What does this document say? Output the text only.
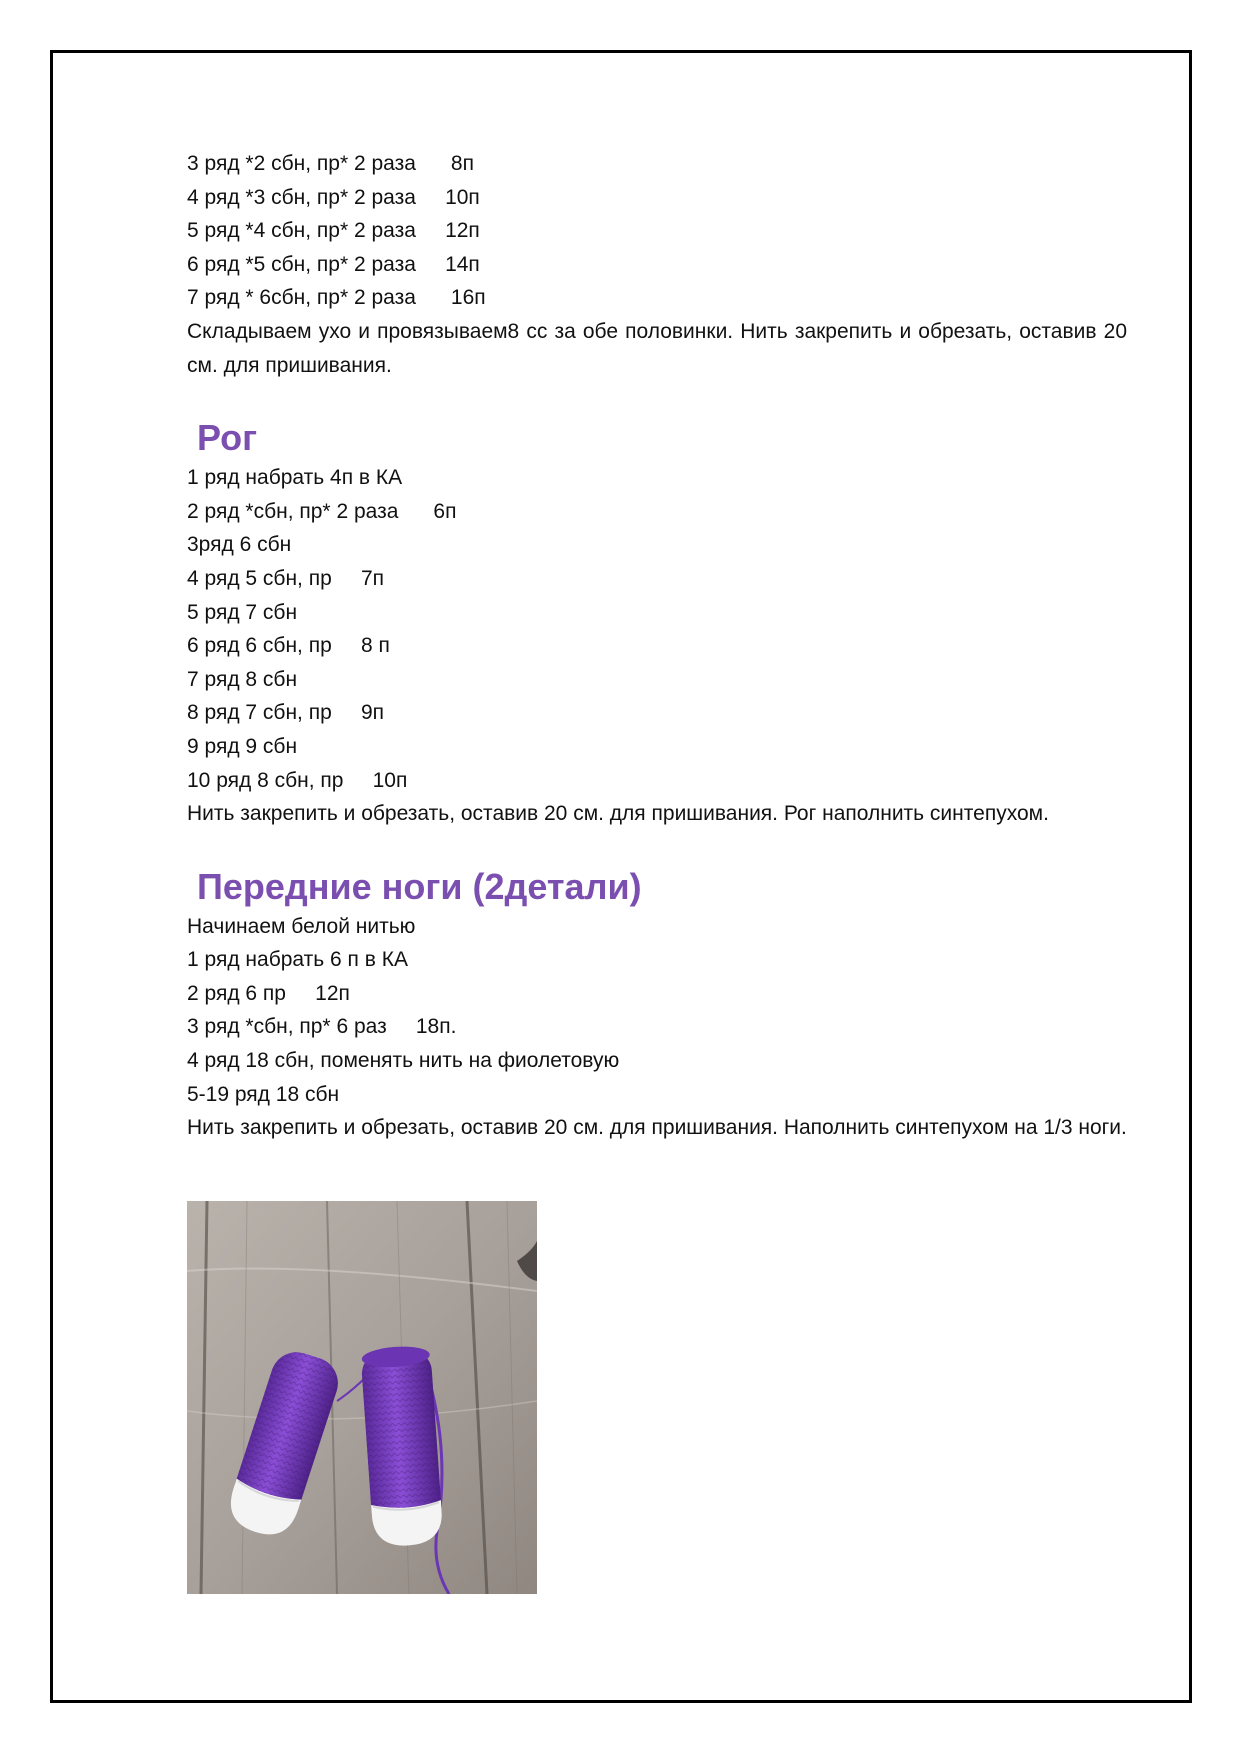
3 ряд *2 сбн, пр* 2 раза      8п
4 ряд *3 сбн, пр* 2 раза     10п
5 ряд *4 сбн, пр* 2 раза     12п
6 ряд *5 сбн, пр* 2 раза     14п
7 ряд * 6сбн, пр* 2 раза      16п

Складываем ухо и провязываем8 сс за обе половинки. Нить закрепить и обрезать, оставив 20 см. для пришивания.

Рог
1 ряд набрать 4п в КА
2 ряд *сбн, пр* 2 раза      6п
3ряд 6 сбн
4 ряд 5 сбн, пр     7п
5 ряд 7 сбн
6 ряд 6 сбн, пр     8 п
7 ряд 8 сбн
8 ряд 7 сбн, пр     9п
9 ряд 9 сбн
10 ряд 8 сбн, пр     10п

Нить закрепить и обрезать, оставив 20 см. для пришивания. Рог наполнить синтепухом.

Передние ноги (2детали)
Начинаем белой нитью
1 ряд набрать 6 п в КА
2 ряд 6 пр     12п
3 ряд *сбн, пр* 6 раз     18п.
4 ряд 18 сбн, поменять нить на фиолетовую
5-19 ряд 18 сбн

Нить закрепить и обрезать, оставив 20 см. для пришивания. Наполнить синтепухом на 1/3 ноги.
